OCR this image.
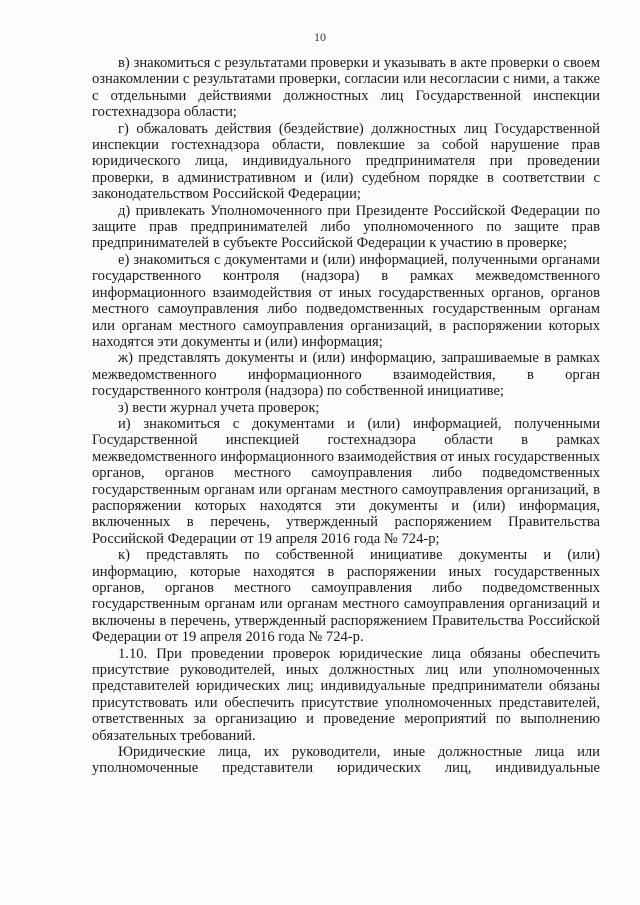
10

в) знакомиться с результатами проверки и указывать в акте проверки о своем ознакомлении с результатами проверки, согласии или несогласии с ними, а также с отдельными действиями должностных лиц Государственной инспекции гостехнадзора области;

г) обжаловать действия (бездействие) должностных лиц Государственной инспекции гостехнадзора области, повлекшие за собой нарушение прав юридического лица, индивидуального предпринимателя при проведении проверки, в административном и (или) судебном порядке в соответствии с законодательством Российской Федерации;

д) привлекать Уполномоченного при Президенте Российской Федерации по защите прав предпринимателей либо уполномоченного по защите прав предпринимателей в субъекте Российской Федерации к участию в проверке;

е) знакомиться с документами и (или) информацией, полученными органами государственного контроля (надзора) в рамках межведомственного информационного взаимодействия от иных государственных органов, органов местного самоуправления либо подведомственных государственным органам или органам местного самоуправления организаций, в распоряжении которых находятся эти документы и (или) информация;

ж) представлять документы и (или) информацию, запрашиваемые в рамках межведомственного информационного взаимодействия, в орган государственного контроля (надзора) по собственной инициативе;

з) вести журнал учета проверок;

и) знакомиться с документами и (или) информацией, полученными Государственной инспекцией гостехнадзора области в рамках межведомственного информационного взаимодействия от иных государственных органов, органов местного самоуправления либо подведомственных государственным органам или органам местного самоуправления организаций, в распоряжении которых находятся эти документы и (или) информация, включенных в перечень, утвержденный распоряжением Правительства Российской Федерации от 19 апреля 2016 года № 724-р;

к) представлять по собственной инициативе документы и (или) информацию, которые находятся в распоряжении иных государственных органов, органов местного самоуправления либо подведомственных государственным органам или органам местного самоуправления организаций и включены в перечень, утвержденный распоряжением Правительства Российской Федерации от 19 апреля 2016 года № 724-р.

1.10. При проведении проверок юридические лица обязаны обеспечить присутствие руководителей, иных должностных лиц или уполномоченных представителей юридических лиц; индивидуальные предприниматели обязаны присутствовать или обеспечить присутствие уполномоченных представителей, ответственных за организацию и проведение мероприятий по выполнению обязательных требований.

Юридические лица, их руководители, иные должностные лица или уполномоченные представители юридических лиц, индивидуальные
